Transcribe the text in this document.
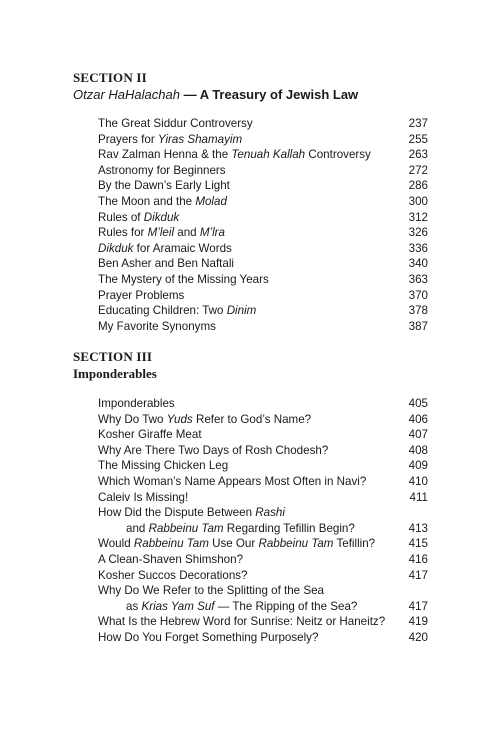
SECTION II
Otzar HaHalachah — A Treasury of Jewish Law
The Great Siddur Controversy	237
Prayers for Yiras Shamayim	255
Rav Zalman Henna & the Tenuah Kallah Controversy	263
Astronomy for Beginners	272
By the Dawn’s Early Light	286
The Moon and the Molad	300
Rules of Dikduk	312
Rules for M’leil and M’lra	326
Dikduk for Aramaic Words	336
Ben Asher and Ben Naftali	340
The Mystery of the Missing Years	363
Prayer Problems	370
Educating Children: Two Dinim	378
My Favorite Synonyms	387
SECTION III
Imponderables
Imponderables	405
Why Do Two Yuds Refer to God’s Name?	406
Kosher Giraffe Meat	407
Why Are There Two Days of Rosh Chodesh?	408
The Missing Chicken Leg	409
Which Woman’s Name Appears Most Often in Navi?	410
Caleiv Is Missing!	411
How Did the Dispute Between Rashi
and Rabbeinu Tam Regarding Tefillin Begin?	413
Would Rabbeinu Tam Use Our Rabbeinu Tam Tefillin?	415
A Clean-Shaven Shimshon?	416
Kosher Succos Decorations?	417
Why Do We Refer to the Splitting of the Sea
as Krias Yam Suf — The Ripping of the Sea?	417
What Is the Hebrew Word for Sunrise: Neitz or Haneitz? 419
How Do You Forget Something Purposely?	420
